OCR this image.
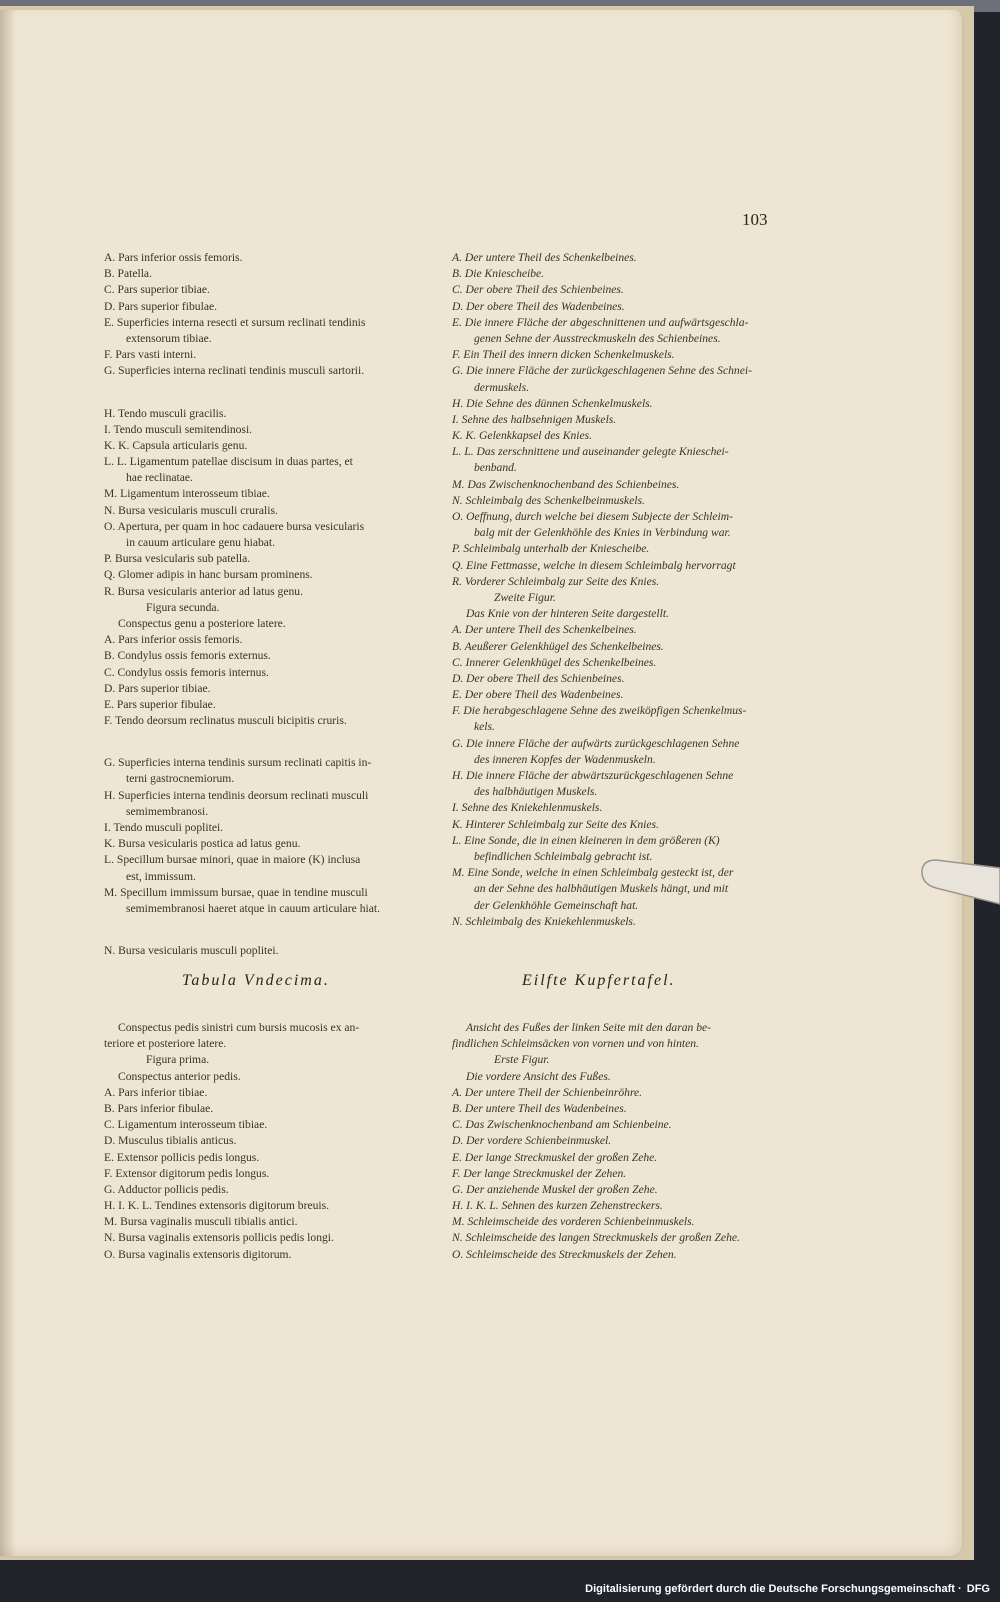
103
A. Pars inferior ossis femoris.
B. Patella.
C. Pars superior tibiae.
D. Pars superior fibulae.
E. Superficies interna resecti et sursum reclinati tendinis
extensorum tibiae.
F. Pars vasti interni.
G. Superficies interna reclinati tendinis musculi sartorii.
H. Tendo musculi gracilis.
I. Tendo musculi semitendinosi.
K. K. Capsula articularis genu.
L. L. Ligamentum patellae discisum in duas partes, et
hae reclinatae.
M. Ligamentum interosseum tibiae.
N. Bursa vesicularis musculi cruralis.
O. Apertura, per quam in hoc cadauere bursa vesicularis
in cauum articulare genu hiabat.
P. Bursa vesicularis sub patella.
Q. Glomer adipis in hanc bursam prominens.
R. Bursa vesicularis anterior ad latus genu.
Figura secunda.
Conspectus genu a posteriore latere.
A. Pars inferior ossis femoris.
B. Condylus ossis femoris externus.
C. Condylus ossis femoris internus.
D. Pars superior tibiae.
E. Pars superior fibulae.
F. Tendo deorsum reclinatus musculi bicipitis cruris.
G. Superficies interna tendinis sursum reclinati capitis in-
terni gastrocnemiorum.
H. Superficies interna tendinis deorsum reclinati musculi
semimembranosi.
I. Tendo musculi poplitei.
K. Bursa vesicularis postica ad latus genu.
L. Specillum bursae minori, quae in maiore (K) inclusa
est, immissum.
M. Specillum immissum bursae, quae in tendine musculi
semimembranosi haeret atque in cauum articulare hiat.
N. Bursa vesicularis musculi poplitei.
A. Der untere Theil des Schenkelbeines.
B. Die Kniescheibe.
C. Der obere Theil des Schienbeines.
D. Der obere Theil des Wadenbeines.
E. Die innere Fläche der abgeschnittenen und aufwärtsgeschla-
genen Sehne der Ausstreckmuskeln des Schienbeines.
F. Ein Theil des innern dicken Schenkelmuskels.
G. Die innere Fläche der zurückgeschlagenen Sehne des Schnei-
dermuskels.
H. Die Sehne des dünnen Schenkelmuskels.
I. Sehne des halbsehnigen Muskels.
K. K. Gelenkkapsel des Knies.
L. L. Das zerschnittene und auseinander gelegte Knieschei-
benband.
M. Das Zwischenknochenband des Schienbeines.
N. Schleimbalg des Schenkelbeinmuskels.
O. Oeffnung, durch welche bei diesem Subjecte der Schleim-
balg mit der Gelenkhöhle des Knies in Verbindung war.
P. Schleimbalg unterhalb der Kniescheibe.
Q. Eine Fettmasse, welche in diesem Schleimbalg hervorragt
R. Vorderer Schleimbalg zur Seite des Knies.
Zweite Figur.
Das Knie von der hinteren Seite dargestellt.
A. Der untere Theil des Schenkelbeines.
B. Aeußerer Gelenkhügel des Schenkelbeines.
C. Innerer Gelenkhügel des Schenkelbeines.
D. Der obere Theil des Schienbeines.
E. Der obere Theil des Wadenbeines.
F. Die herabgeschlagene Sehne des zweiköpfigen Schenkelmus-
kels.
G. Die innere Fläche der aufwärts zurückgeschlagenen Sehne
des inneren Kopfes der Wadenmuskeln.
H. Die innere Fläche der abwärtszurückgeschlagenen Sehne
des halbhäutigen Muskels.
I. Sehne des Kniekehlenmuskels.
K. Hinterer Schleimbalg zur Seite des Knies.
L. Eine Sonde, die in einen kleineren in dem größeren (K)
befindlichen Schleimbalg gebracht ist.
M. Eine Sonde, welche in einen Schleimbalg gesteckt ist, der
an der Sehne des halbhäutigen Muskels hängt, und mit
der Gelenkhöhle Gemeinschaft hat.
N. Schleimbalg des Kniekehlenmuskels.
Tabula Vndecima.	Eilfte Kupfertafel.
Conspectus pedis sinistri cum bursis mucosis ex an-
teriore et posteriore latere.
Figura prima.
Conspectus anterior pedis.
A. Pars inferior tibiae.
B. Pars inferior fibulae.
C. Ligamentum interosseum tibiae.
D. Musculus tibialis anticus.
E. Extensor pollicis pedis longus.
F. Extensor digitorum pedis longus.
G. Adductor pollicis pedis.
H. I. K. L. Tendines extensoris digitorum breuis.
M. Bursa vaginalis musculi tibialis antici.
N. Bursa vaginalis extensoris pollicis pedis longi.
O. Bursa vaginalis extensoris digitorum.
Ansicht des Fußes der linken Seite mit den daran be-
findlichen Schleimsäcken von vornen und von hinten.
Erste Figur.
Die vordere Ansicht des Fußes.
A. Der untere Theil der Schienbeinröhre.
B. Der untere Theil des Wadenbeines.
C. Das Zwischenknochenband am Schienbeine.
D. Der vordere Schienbeinmuskel.
E. Der lange Streckmuskel der großen Zehe.
F. Der lange Streckmuskel der Zehen.
G. Der anziehende Muskel der großen Zehe.
H. I. K. L. Sehnen des kurzen Zehenstreckers.
M. Schleimscheide des vorderen Schienbeinmuskels.
N. Schleimscheide des langen Streckmuskels der großen Zehe.
O. Schleimscheide des Streckmuskels der Zehen.
Digitalisierung gefördert durch die Deutsche Forschungsgemeinschaft · DFG
